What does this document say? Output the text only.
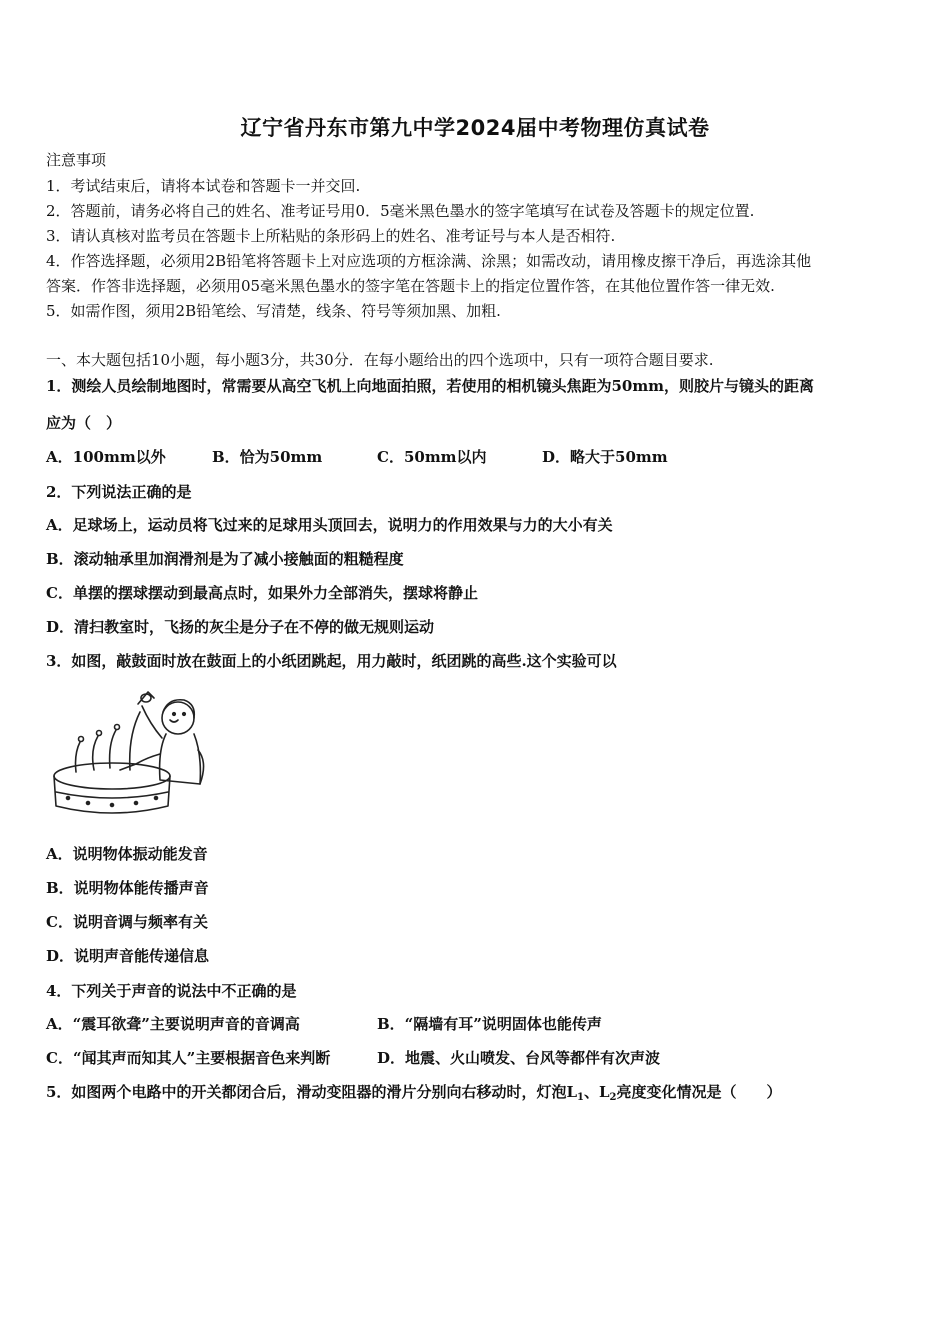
辽宁省丹东市第九中学2024届中考物理仿真试卷
注意事项
1．考试结束后，请将本试卷和答题卡一并交回.
2．答题前，请务必将自己的姓名、准考证号用0．5毫米黑色墨水的签字笔填写在试卷及答题卡的规定位置.
3．请认真核对监考员在答题卡上所粘贴的条形码上的姓名、准考证号与本人是否相符.
4．作答选择题，必须用2B铅笔将答题卡上对应选项的方框涂满、涂黑；如需改动，请用橡皮擦干净后，再选涂其他
答案．作答非选择题，必须用05毫米黑色墨水的签字笔在答题卡上的指定位置作答，在其他位置作答一律无效.
5．如需作图，须用2B铅笔绘、写清楚，线条、符号等须加黑、加粗.
一、本大题包括10小题，每小题3分，共30分．在每小题给出的四个选项中，只有一项符合题目要求.
1．测绘人员绘制地图时，常需要从高空飞机上向地面拍照，若使用的相机镜头焦距为50mm，则胶片与镜头的距离
应为（　）
A．100mm以外	B．恰为50mm	C．50mm以内	D．略大于50mm
2．下列说法正确的是
A．足球场上，运动员将飞过来的足球用头顶回去，说明力的作用效果与力的大小有关
B．滚动轴承里加润滑剂是为了减小接触面的粗糙程度
C．单摆的摆球摆动到最高点时，如果外力全部消失，摆球将静止
D．清扫教室时，飞扬的灰尘是分子在不停的做无规则运动
3．如图，敲鼓面时放在鼓面上的小纸团跳起，用力敲时，纸团跳的高些.这个实验可以
A．说明物体振动能发音
B．说明物体能传播声音
C．说明音调与频率有关
D．说明声音能传递信息
4．下列关于声音的说法中不正确的是
A．“震耳欲聋”主要说明声音的音调高	B．“隔墙有耳”说明固体也能传声
C．“闻其声而知其人”主要根据音色来判断	D．地震、火山喷发、台风等都伴有次声波
5．如图两个电路中的开关都闭合后，滑动变阻器的滑片分别向右移动时，灯泡$L_1$、$L_2$亮度变化情况是（　　）
